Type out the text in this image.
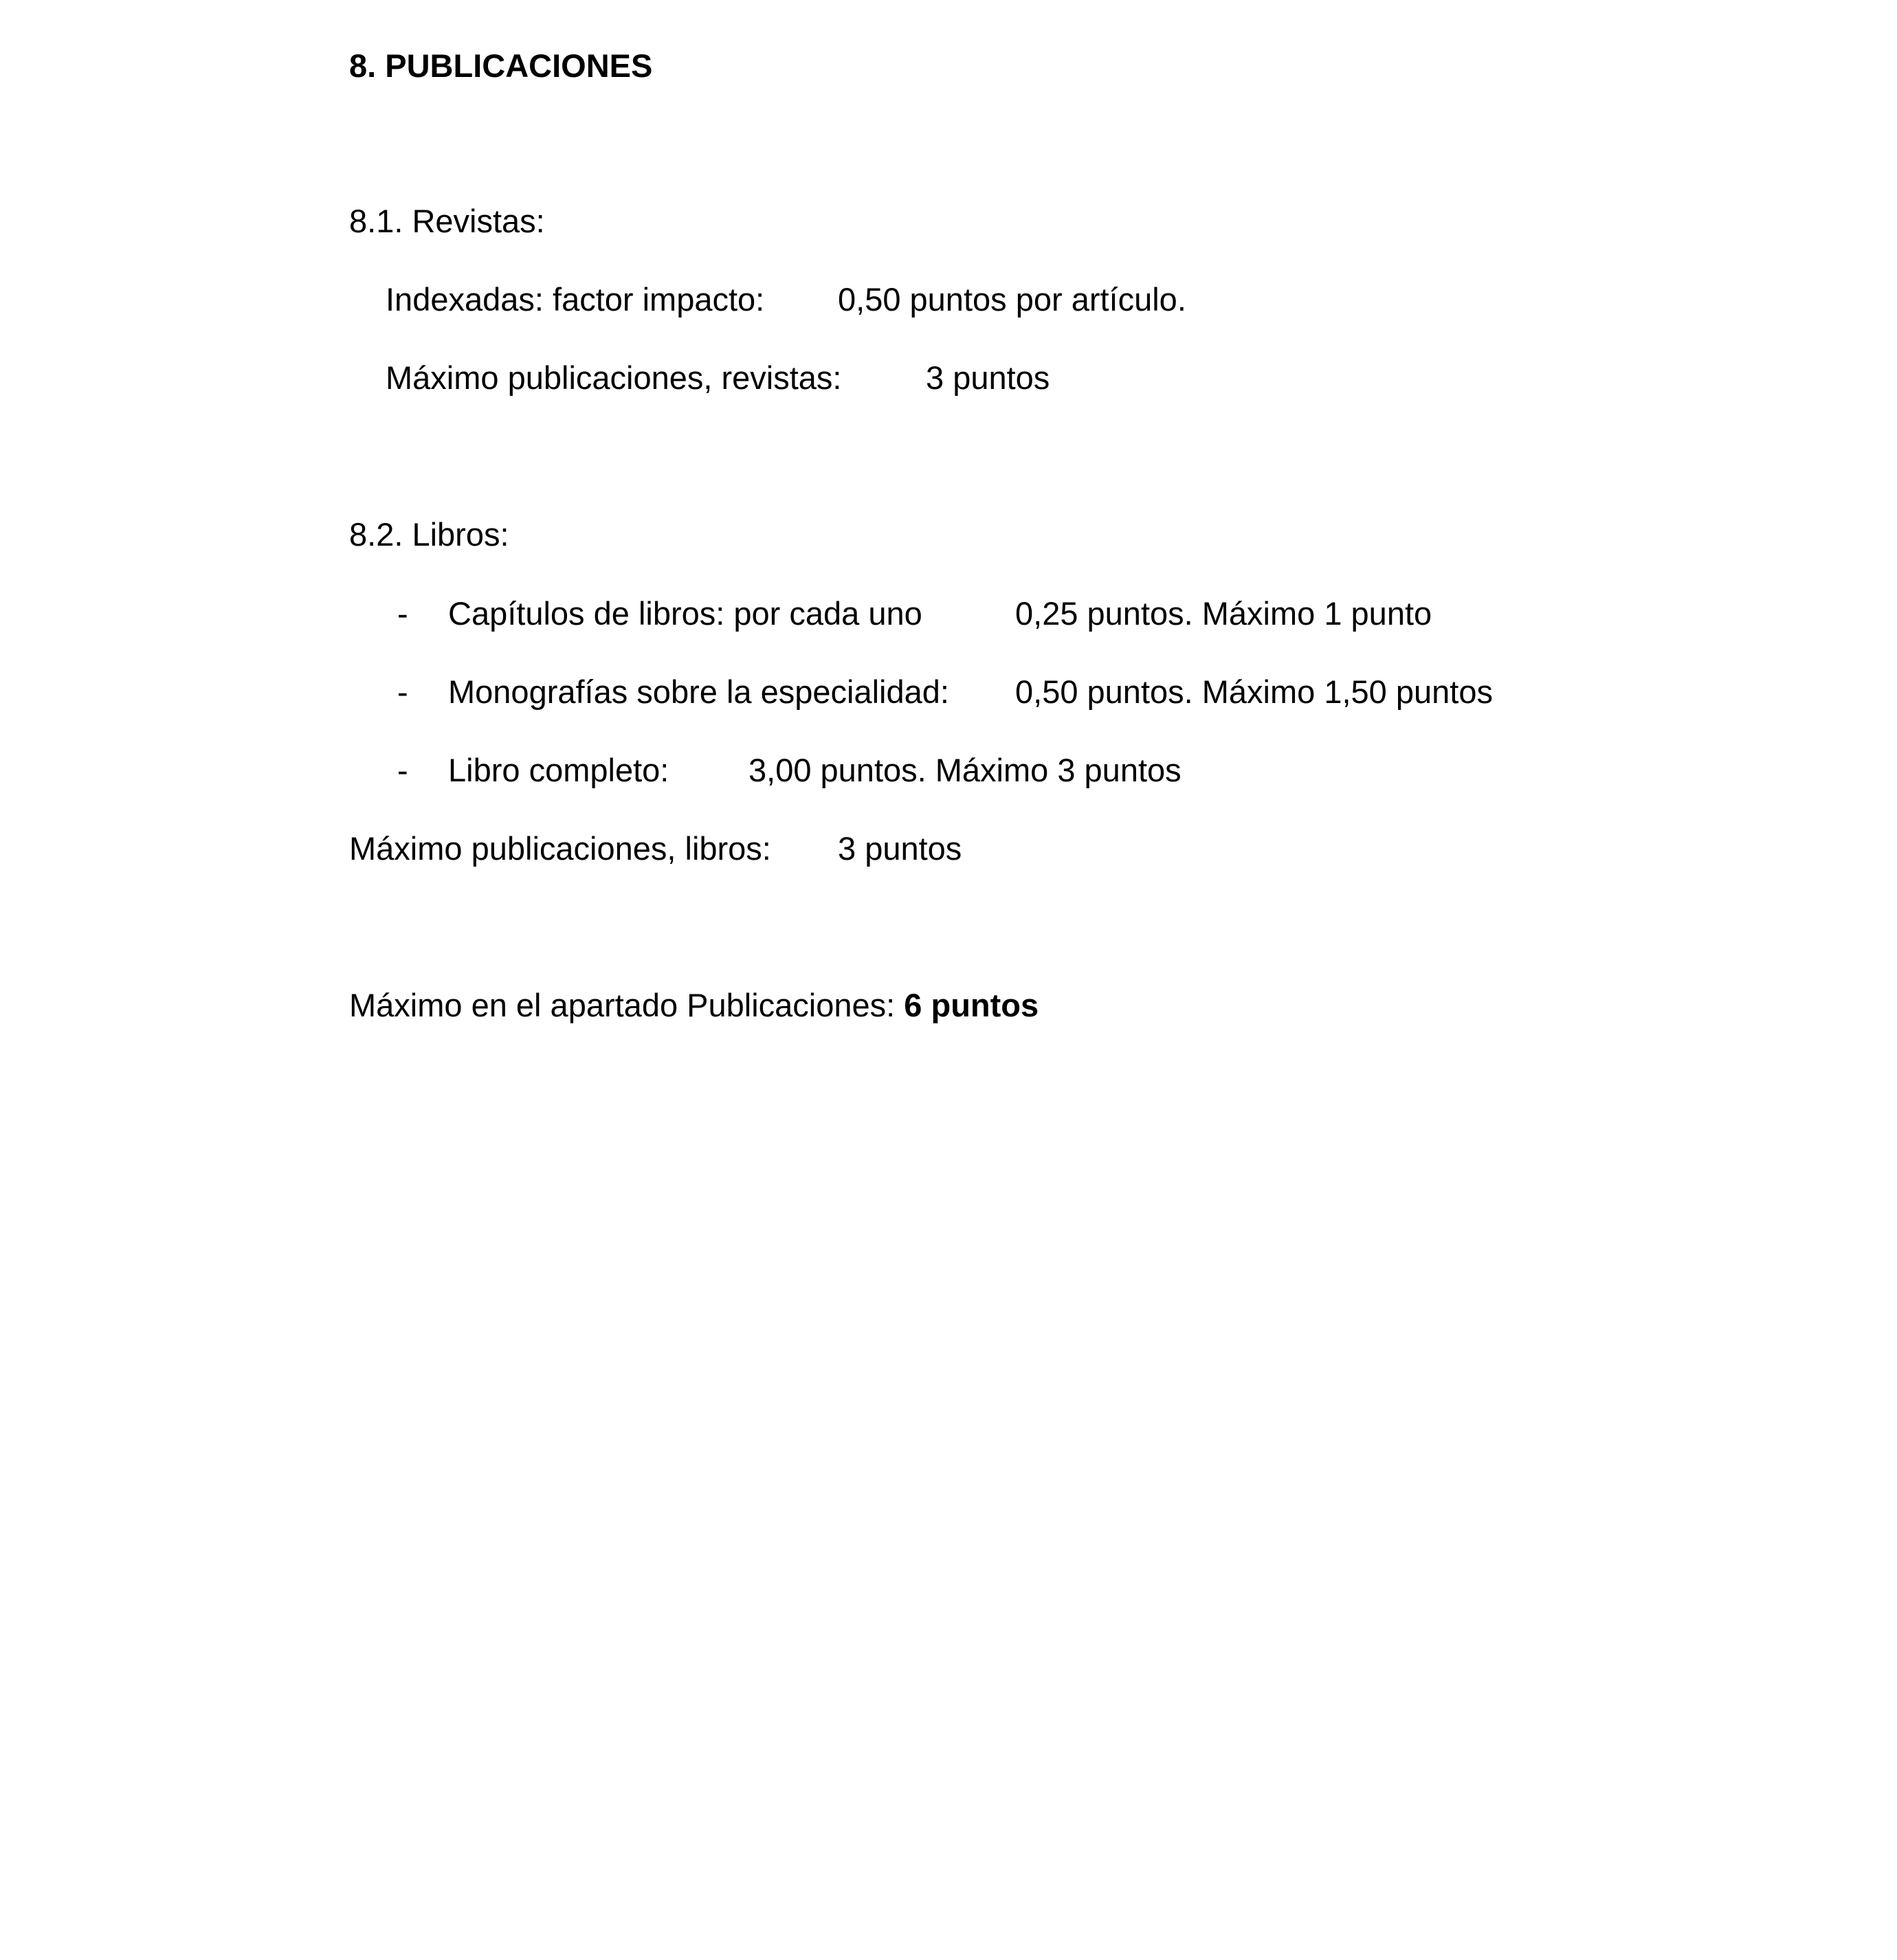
8. PUBLICACIONES
8.1. Revistas:
Indexadas: factor impacto: 0,50 puntos por artículo.
Máximo publicaciones, revistas:	3 puntos
8.2. Libros:
- Capítulos de libros: por cada uno	0,25 puntos. Máximo 1 punto
- Monografías sobre la especialidad: 0,50 puntos. Máximo 1,50 puntos
- Libro completo: 3,00 puntos. Máximo 3 puntos
Máximo publicaciones, libros: 3 puntos
Máximo en el apartado Publicaciones: 6 puntos
